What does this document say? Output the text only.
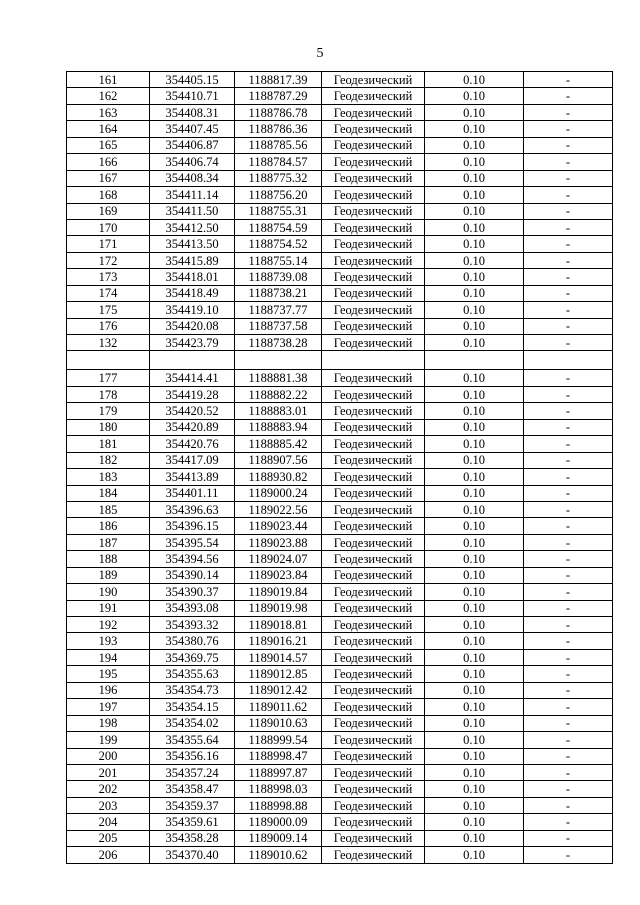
5
161	354405.15	1188817.39	Геодезический	0.10	-
162	354410.71	1188787.29	Геодезический	0.10	-
163	354408.31	1188786.78	Геодезический	0.10	-
164	354407.45	1188786.36	Геодезический	0.10	-
165	354406.87	1188785.56	Геодезический	0.10	-
166	354406.74	1188784.57	Геодезический	0.10	-
167	354408.34	1188775.32	Геодезический	0.10	-
168	354411.14	1188756.20	Геодезический	0.10	-
169	354411.50	1188755.31	Геодезический	0.10	-
170	354412.50	1188754.59	Геодезический	0.10	-
171	354413.50	1188754.52	Геодезический	0.10	-
172	354415.89	1188755.14	Геодезический	0.10	-
173	354418.01	1188739.08	Геодезический	0.10	-
174	354418.49	1188738.21	Геодезический	0.10	-
175	354419.10	1188737.77	Геодезический	0.10	-
176	354420.08	1188737.58	Геодезический	0.10	-
132	354423.79	1188738.28	Геодезический	0.10	-

177	354414.41	1188881.38	Геодезический	0.10	-
178	354419.28	1188882.22	Геодезический	0.10	-
179	354420.52	1188883.01	Геодезический	0.10	-
180	354420.89	1188883.94	Геодезический	0.10	-
181	354420.76	1188885.42	Геодезический	0.10	-
182	354417.09	1188907.56	Геодезический	0.10	-
183	354413.89	1188930.82	Геодезический	0.10	-
184	354401.11	1189000.24	Геодезический	0.10	-
185	354396.63	1189022.56	Геодезический	0.10	-
186	354396.15	1189023.44	Геодезический	0.10	-
187	354395.54	1189023.88	Геодезический	0.10	-
188	354394.56	1189024.07	Геодезический	0.10	-
189	354390.14	1189023.84	Геодезический	0.10	-
190	354390.37	1189019.84	Геодезический	0.10	-
191	354393.08	1189019.98	Геодезический	0.10	-
192	354393.32	1189018.81	Геодезический	0.10	-
193	354380.76	1189016.21	Геодезический	0.10	-
194	354369.75	1189014.57	Геодезический	0.10	-
195	354355.63	1189012.85	Геодезический	0.10	-
196	354354.73	1189012.42	Геодезический	0.10	-
197	354354.15	1189011.62	Геодезический	0.10	-
198	354354.02	1189010.63	Геодезический	0.10	-
199	354355.64	1188999.54	Геодезический	0.10	-
200	354356.16	1188998.47	Геодезический	0.10	-
201	354357.24	1188997.87	Геодезический	0.10	-
202	354358.47	1188998.03	Геодезический	0.10	-
203	354359.37	1188998.88	Геодезический	0.10	-
204	354359.61	1189000.09	Геодезический	0.10	-
205	354358.28	1189009.14	Геодезический	0.10	-
206	354370.40	1189010.62	Геодезический	0.10	-
